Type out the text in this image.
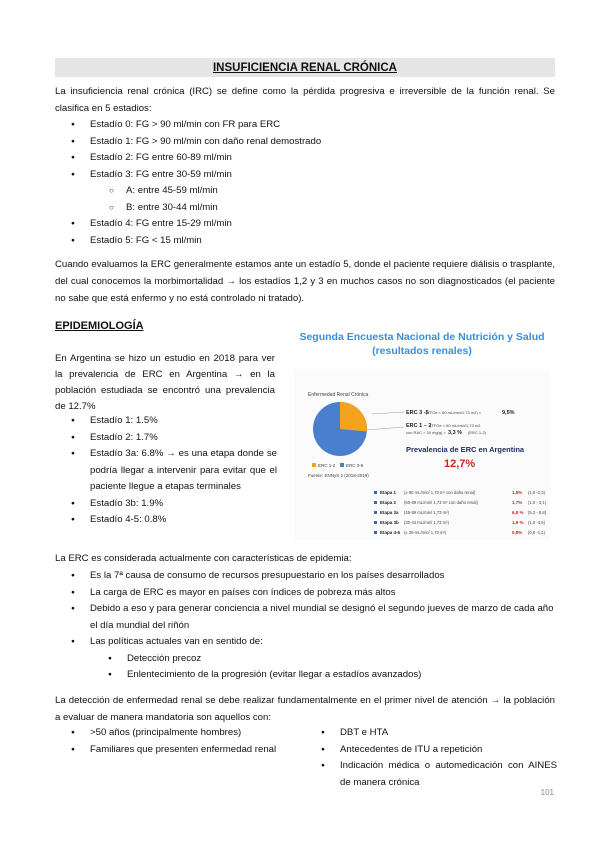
INSUFICIENCIA RENAL CRÓNICA

La insuficiencia renal crónica (IRC) se define como la pérdida progresiva e irreversible de la función renal. Se clasifica en 5 estadios:

● Estadío 0: FG > 90 ml/min con FR para ERC
● Estadío 1: FG > 90 ml/min con daño renal demostrado
● Estadío 2: FG entre 60-89 ml/min
● Estadío 3: FG entre 30-59 ml/min
○ A: entre 45-59 ml/min
○ B: entre 30-44 ml/min
● Estadío 4: FG entre 15-29 ml/min
● Estadío 5: FG < 15 ml/min

Cuando evaluamos la ERC generalmente estamos ante un estadío 5, donde el paciente requiere diálisis o trasplante, del cual conocemos la morbimortalidad → los estadíos 1,2 y 3 en muchos casos no son diagnosticados (el paciente no sabe que está enfermo y no está controlado ni tratado).

EPIDEMIOLOGÍA

En Argentina se hizo un estudio en 2018 para ver la prevalencia de ERC en Argentina → en la población estudiada se encontró una prevalencia de 12.7%

● Estadío 1: 1.5%
● Estadío 2: 1.7%
● Estadío 3a: 6.8% → es una etapa donde se podría llegar a intervenir para evitar que el paciente llegue a etapas terminales
● Estadío 3b: 1.9%
● Estadío 4-5: 0.8%
Segunda Encuesta Nacional de Nutrición y Salud
(resultados renales)
Enfermedad Renal Crónica
ERC 1-2 ERC 3-5
Fuente: ENNyS 2 (2018-2019)
ERC 3 -5
(TFGe < 60 mL/min/1,73 m2) =	9,5%
ERC 1 – 2
(TFGe > 60 mL/min/1,73 m2
con RAC > 30 mg/g) = 3,3 % (ERC 1-2)
Prevalencia de ERC en Argentina
12,7%
Etapa 1 (≥ 90 mL/min/ 1,73 m² con daño renal)	1,5% (1,0 -2,3)
Etapa 2 (60-89 mL/min/ 1,73 m² con daño renal)	1,7% (1,0 - 3,1)
Etapa 3a (45-59 mL/min/ 1,73 m²)	6,8 % (5,2 - 8,8)
Etapa 3b (30-44 mL/min/ 1,73 m²)	1,9 % (1,0 -3,5)
Etapa 4-5 (≤ 29 mL/min/ 1,73 m²)	0,8% (0,6 -1,1)

La ERC es considerada actualmente con características de epidemia:

● Es la 7ª causa de consumo de recursos presupuestario en los países desarrollados
● La carga de ERC es mayor en países con índices de pobreza más altos
● Debido a eso y para generar conciencia a nivel mundial se designó el segundo jueves de marzo de cada año el día mundial del riñón
● Las políticas actuales van en sentido de:
● Detección precoz
● Enlentecimiento de la progresión (evitar llegar a estadíos avanzados)

La detección de enfermedad renal se debe realizar fundamentalmente en el primer nivel de atención → la población a evaluar de manera mandatoria son aquellos con:

● >50 años (principalmente hombres)
● Familiares que presenten enfermedad renal
● DBT e HTA
● Antecedentes de ITU a repetición
● Indicación médica o automedicación con AINES de manera crónica
101
